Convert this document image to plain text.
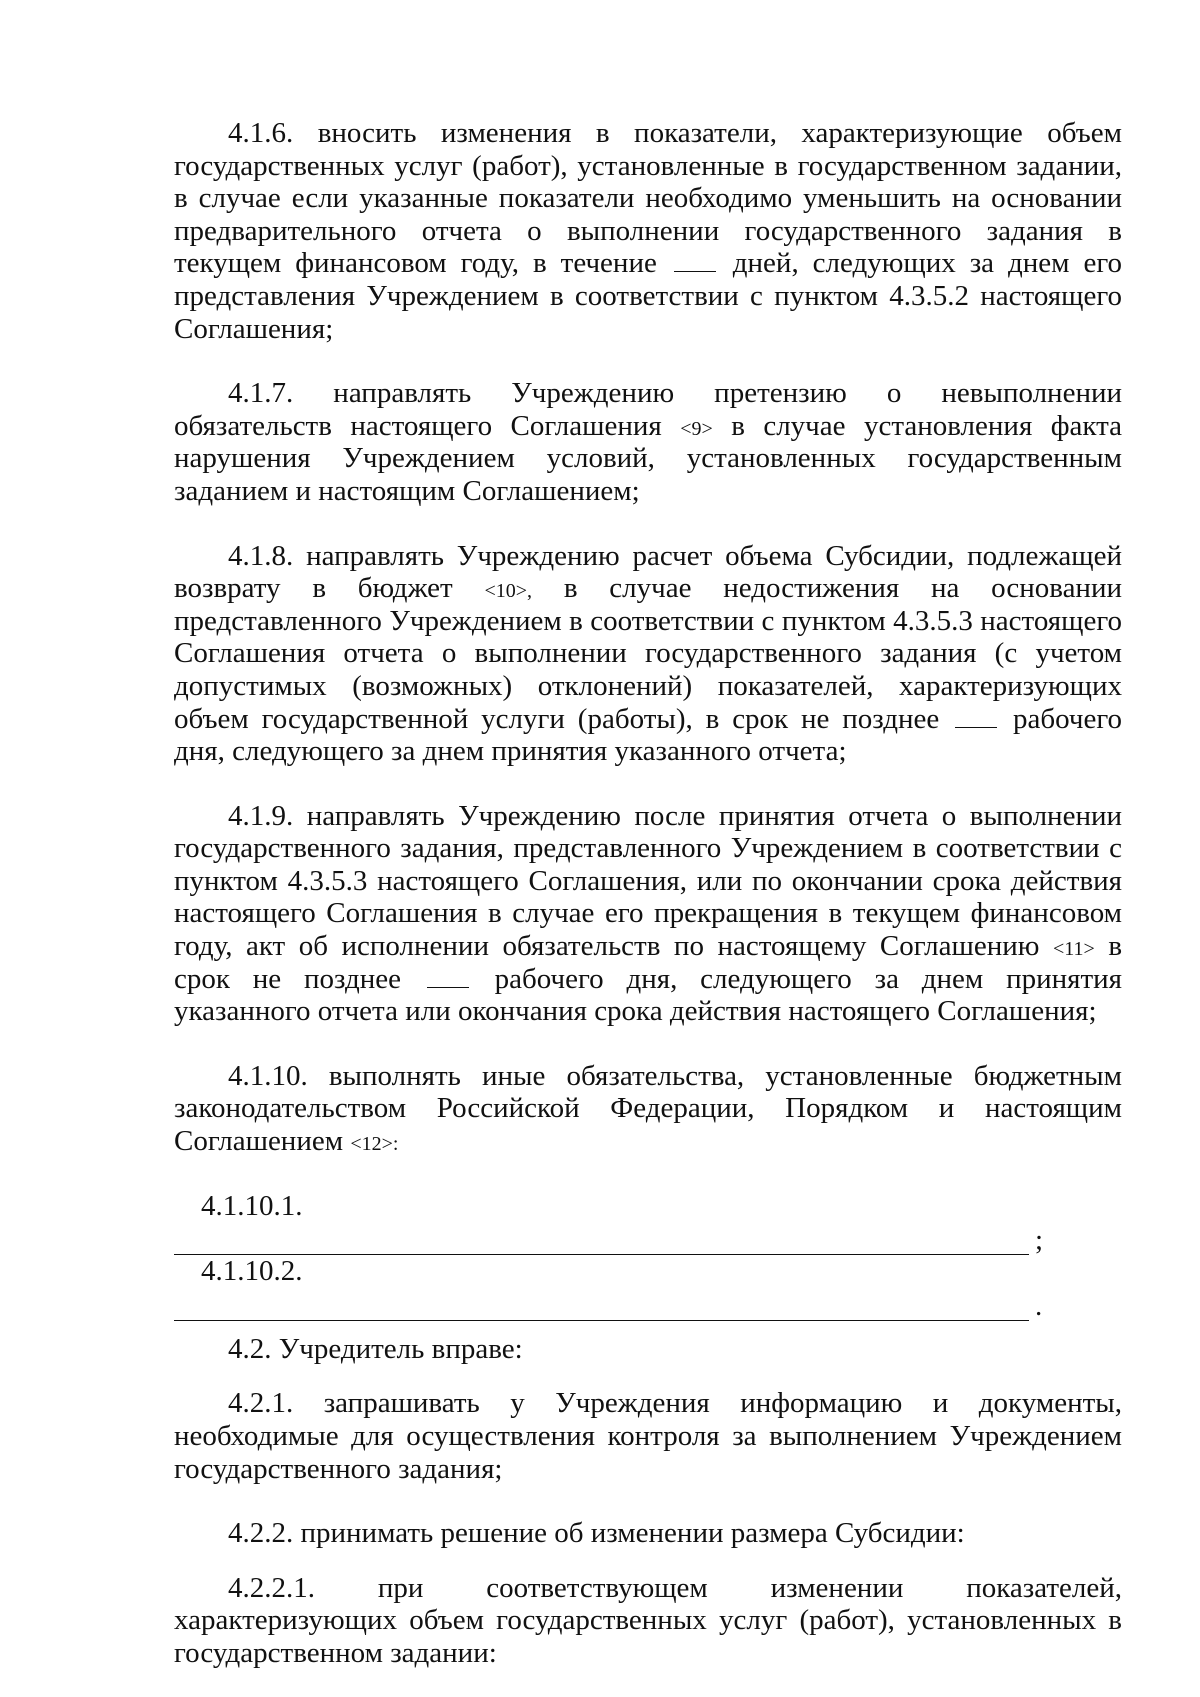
4.1.6. вносить изменения в показатели, характеризующие объем государственных услуг (работ), установленные в государственном задании, в случае если указанные показатели необходимо уменьшить на основании предварительного отчета о выполнении государственного задания в текущем финансовом году, в течение	дней, следующих за днем его представления Учреждением в соответствии с пунктом 4.3.5.2 настоящего Соглашения;

4.1.7. направлять Учреждению претензию о невыполнении обязательств настоящего Соглашения <9> в случае установления факта нарушения Учреждением условий, установленных государственным заданием и настоящим Соглашением;

4.1.8. направлять Учреждению расчет объема Субсидии, подлежащей возврату в бюджет <10>, в случае недостижения на основании представленного Учреждением в соответствии с пунктом 4.3.5.3 настоящего Соглашения отчета о выполнении государственного задания (с учетом допустимых (возможных) отклонений) показателей, характеризующих объем государственной услуги (работы), в срок не позднее	рабочего дня, следующего за днем принятия указанного отчета;

4.1.9. направлять Учреждению после принятия отчета о выполнении государственного задания, представленного Учреждением в соответствии с пунктом 4.3.5.3 настоящего Соглашения, или по окончании срока действия настоящего Соглашения в случае его прекращения в текущем финансовом году, акт об исполнении обязательств по настоящему Соглашению <11> в срок не позднее	рабочего дня, следующего за днем принятия указанного отчета или окончания срока действия настоящего Соглашения;

4.1.10. выполнять иные обязательства, установленные бюджетным законодательством Российской Федерации, Порядком и настоящим Соглашением <12>:

4.1.10.1.
;
4.1.10.2.
.

4.2. Учредитель вправе:

4.2.1. запрашивать у Учреждения информацию и документы, необходимые для осуществления контроля за выполнением Учреждением государственного задания;

4.2.2. принимать решение об изменении размера Субсидии:

4.2.2.1. при соответствующем изменении показателей, характеризующих объем государственных услуг (работ), установленных в государственном задании:
